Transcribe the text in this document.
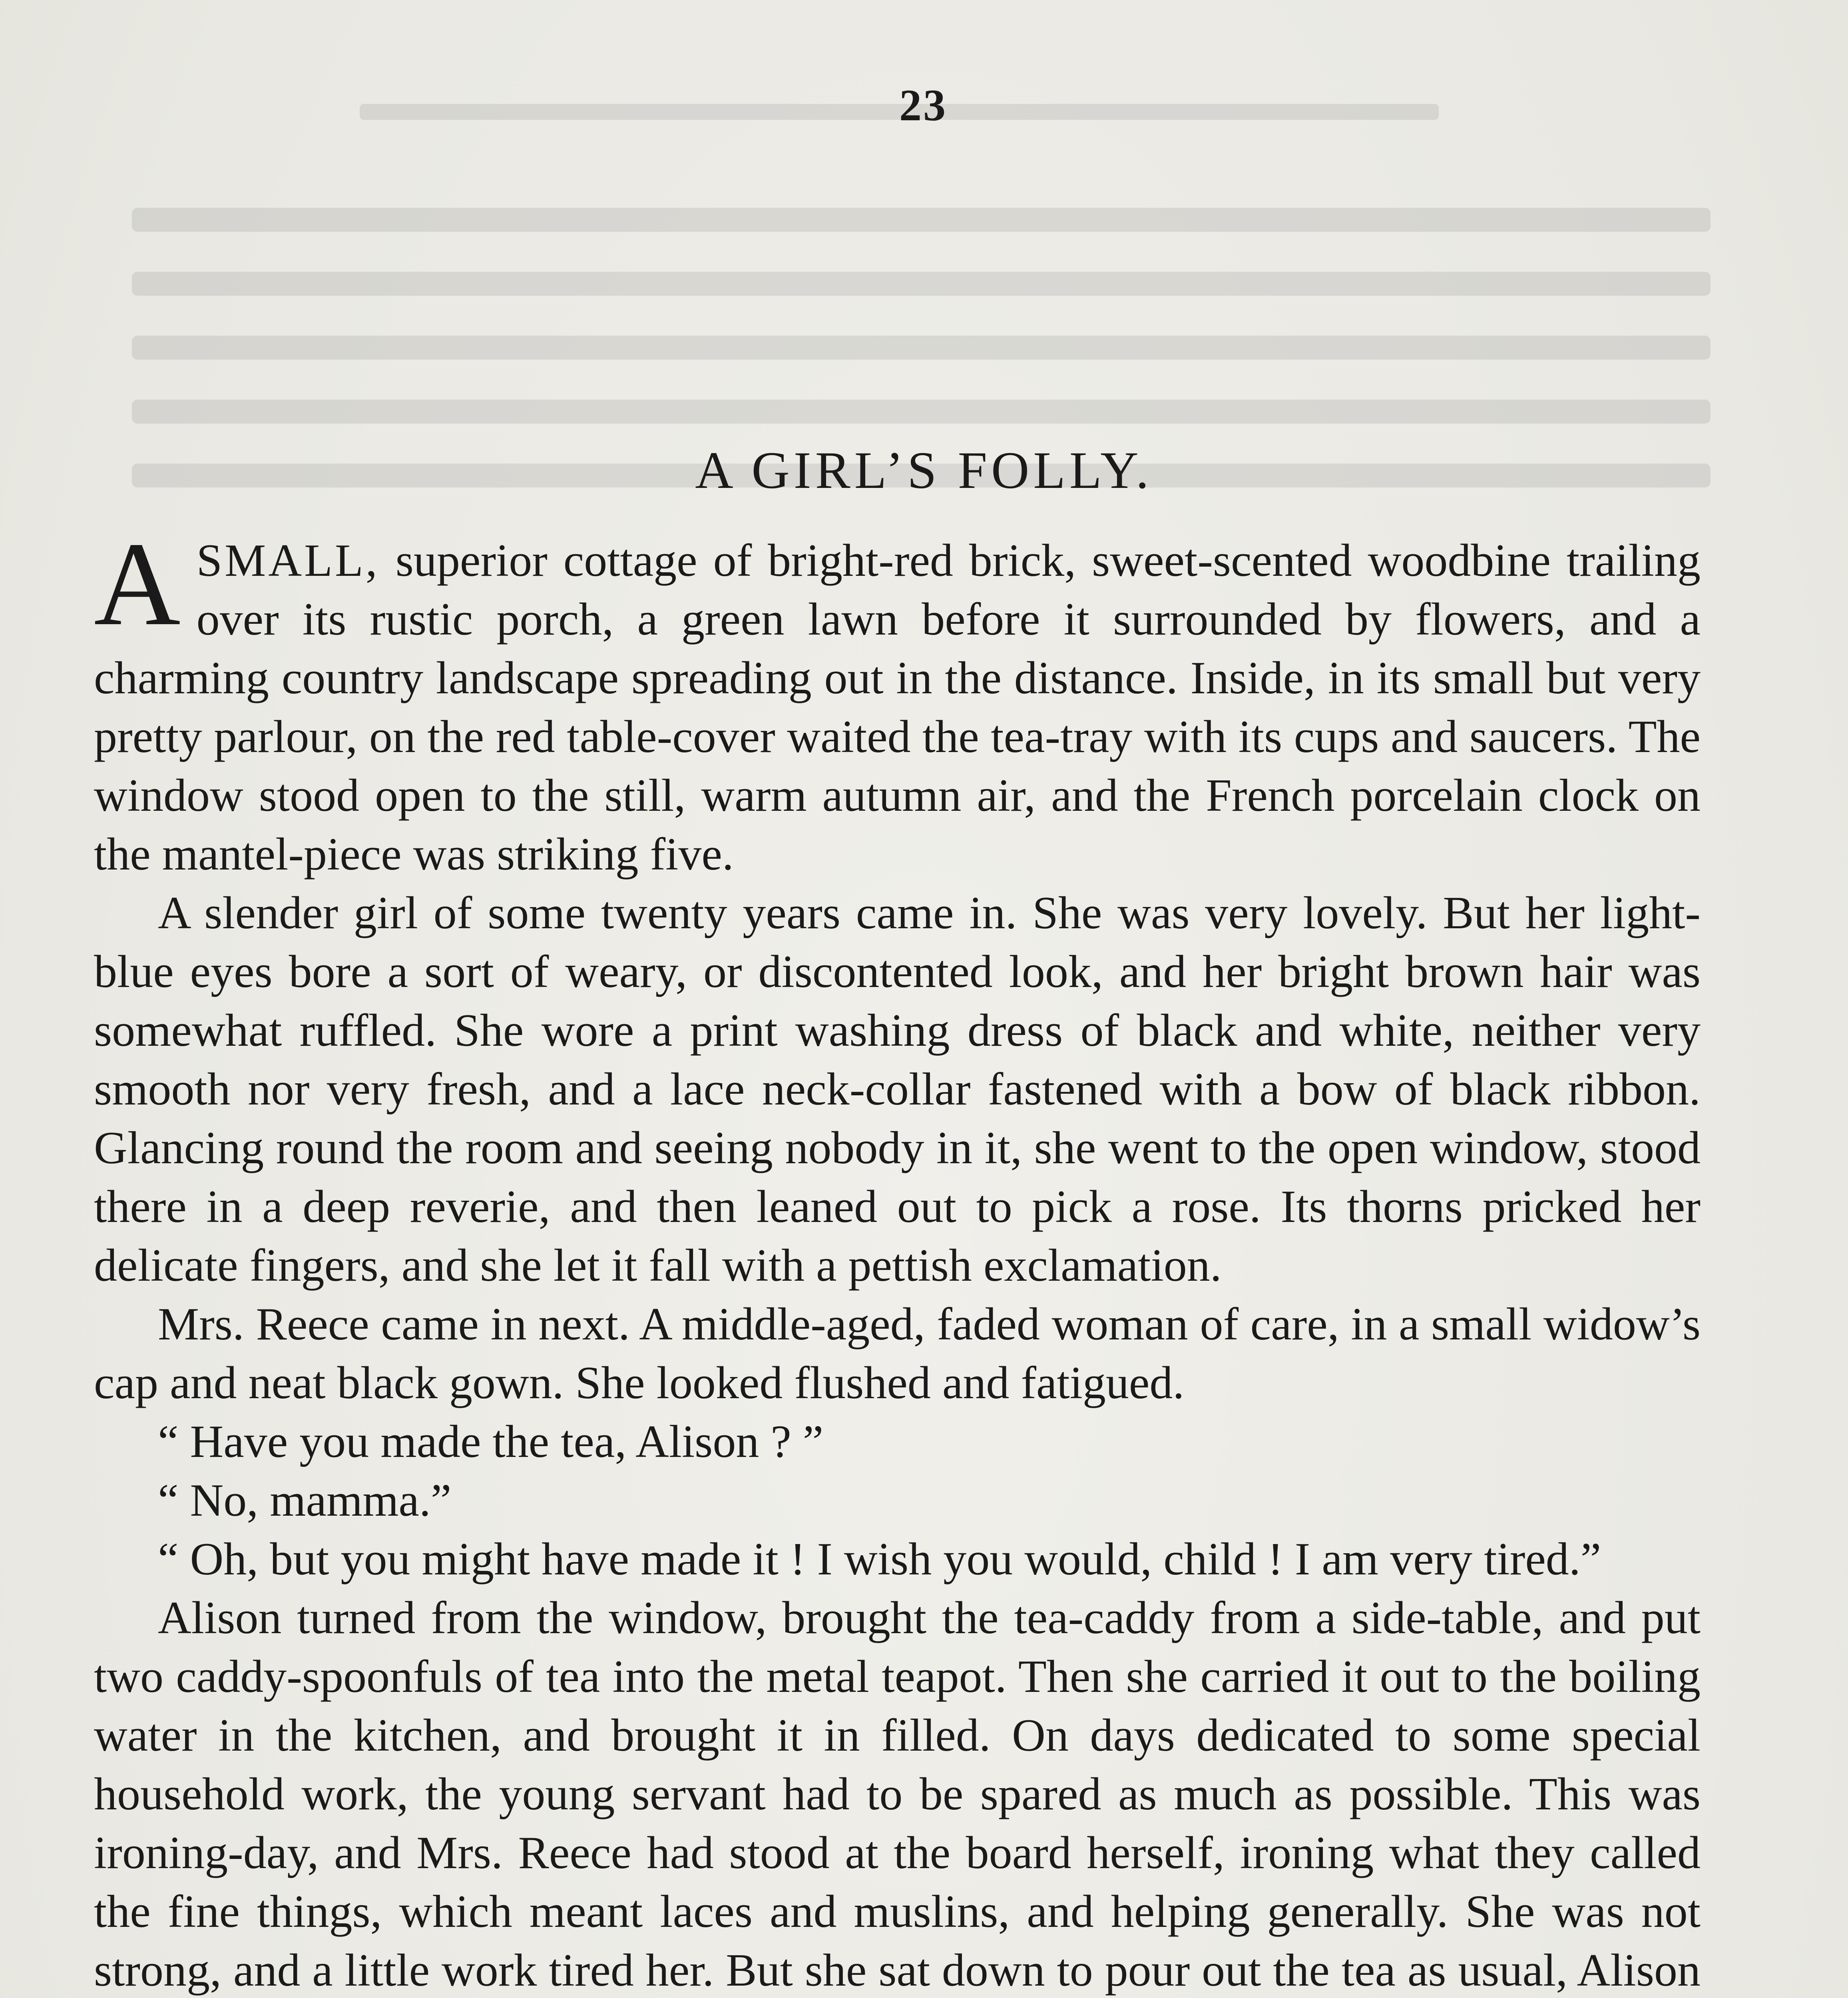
23
A GIRL’S FOLLY.

ASMALL, superior cottage of bright-red brick, sweet-scented woodbine trailing over its rustic porch, a green lawn before it surrounded by flowers, and a charming country landscape spreading out in the distance. Inside, in its small but very pretty parlour, on the red table-cover waited the tea-tray with its cups and saucers. The window stood open to the still, warm autumn air, and the French porcelain clock on the mantel-piece was striking five.

A slender girl of some twenty years came in. She was very lovely. But her light-blue eyes bore a sort of weary, or discontented look, and her bright brown hair was somewhat ruffled. She wore a print washing dress of black and white, neither very smooth nor very fresh, and a lace neck-collar fastened with a bow of black ribbon. Glancing round the room and seeing nobody in it, she went to the open window, stood there in a deep reverie, and then leaned out to pick a rose. Its thorns pricked her delicate fingers, and she let it fall with a pettish exclamation.

Mrs. Reece came in next. A middle-aged, faded woman of care, in a small widow’s cap and neat black gown. She looked flushed and fatigued.

“ Have you made the tea, Alison ? ”

“ No, mamma.”

“ Oh, but you might have made it ! I wish you would, child ! I am very tired.”

Alison turned from the window, brought the tea-caddy from a side-table, and put two caddy-spoonfuls of tea into the metal teapot. Then she carried it out to the boiling water in the kitchen, and brought it in filled. On days dedicated to some special household work, the young servant had to be spared as much as possible. This was ironing-day, and Mrs. Reece had stood at the board herself, ironing what they called the fine things, which meant laces and muslins, and helping generally. She was not strong, and a little work tired her. But she sat down to pour out the tea as usual, Alison
